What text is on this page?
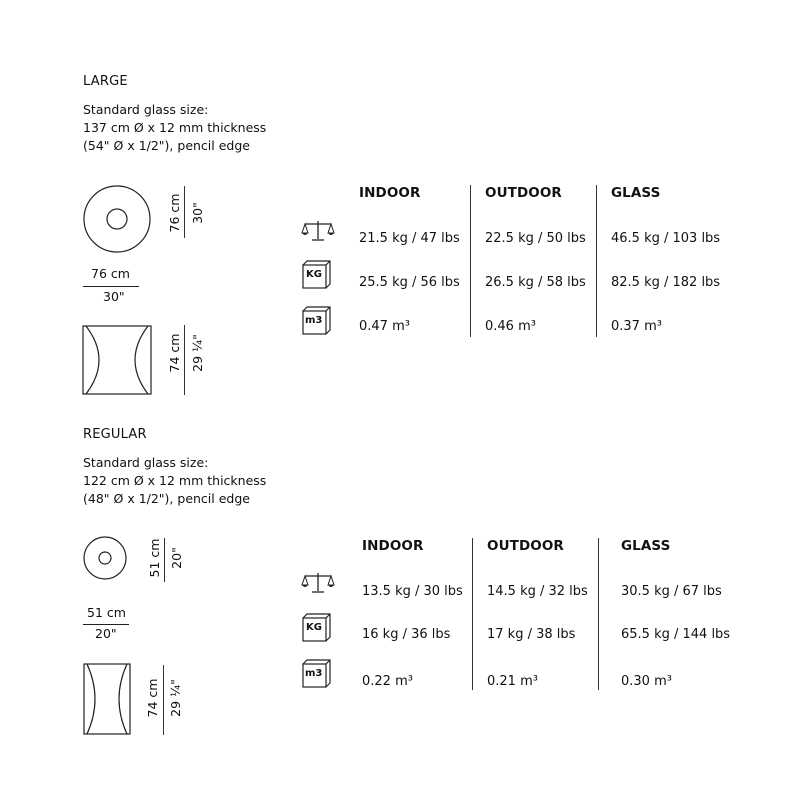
LARGE
Standard glass size:
137 cm Ø x 12 mm thickness
(54" Ø x 1/2"), pencil edge
76 cm 30"
76 cm
30"
74 cm 29 ¼"
INDOOR	OUTDOOR	GLASS
KG
m3
21.5 kg / 47 lbs 22.5 kg / 50 lbs 46.5 kg / 103 lbs
25.5 kg / 56 lbs 26.5 kg / 58 lbs 82.5 kg / 182 lbs
0.47 m³	0.46 m³	0.37 m³
REGULAR
Standard glass size:
122 cm Ø x 12 mm thickness
(48" Ø x 1/2"), pencil edge
51 cm 20"
51 cm
20"
74 cm 29 ¼"
INDOOR	OUTDOOR	GLASS
KG
m3
13.5 kg / 30 lbs 14.5 kg / 32 lbs	30.5 kg / 67 lbs
16 kg / 36 lbs	17 kg / 38 lbs	65.5 kg / 144 lbs
0.22 m³	0.21 m³	0.30 m³
